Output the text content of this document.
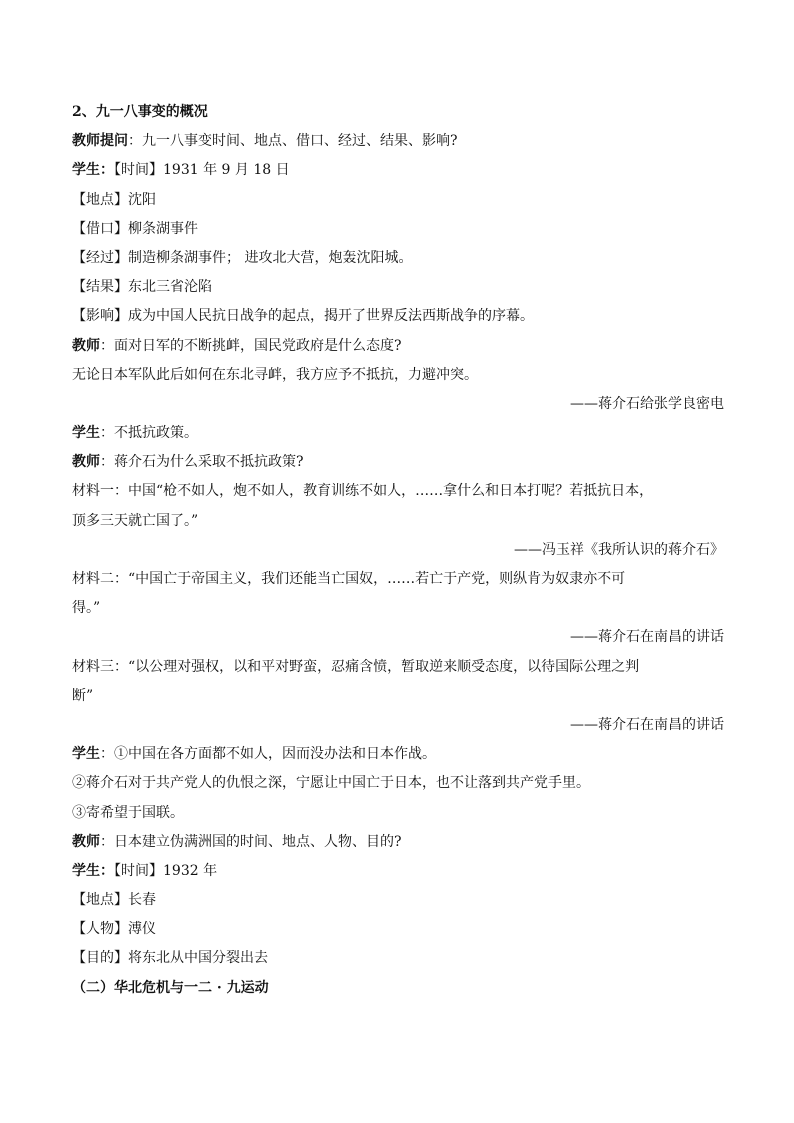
2、九一八事变的概况
教师提问：九一八事变时间、地点、借口、经过、结果、影响?
学生：【时间】1931 年 9 月 18 日
【地点】沈阳
【借口】柳条湖事件
【经过】制造柳条湖事件； 进攻北大营，炮轰沈阳城。
【结果】东北三省沦陷
【影响】成为中国人民抗日战争的起点，揭开了世界反法西斯战争的序幕。
教师：面对日军的不断挑衅，国民党政府是什么态度?
无论日本军队此后如何在东北寻衅，我方应予不抵抗，力避冲突。
——蒋介石给张学良密电
学生：不抵抗政策。
教师：蒋介石为什么采取不抵抗政策?
材料一：中国“枪不如人，炮不如人，教育训练不如人，……拿什么和日本打呢？若抵抗日本，
顶多三天就亡国了。”
——冯玉祥《我所认识的蒋介石》
材料二：“中国亡于帝国主义，我们还能当亡国奴，……若亡于产党，则纵肯为奴隶亦不可
得。”
——蒋介石在南昌的讲话
材料三：“以公理对强权，以和平对野蛮，忍痛含愤，暂取逆来顺受态度，以待国际公理之判
断”
——蒋介石在南昌的讲话
学生：①中国在各方面都不如人，因而没办法和日本作战。
②蒋介石对于共产党人的仇恨之深，宁愿让中国亡于日本，也不让落到共产党手里。
③寄希望于国联。
教师：日本建立伪满洲国的时间、地点、人物、目的?
学生：【时间】1932 年
【地点】长春
【人物】溥仪
【目的】将东北从中国分裂出去
（二）华北危机与一二 · 九运动
